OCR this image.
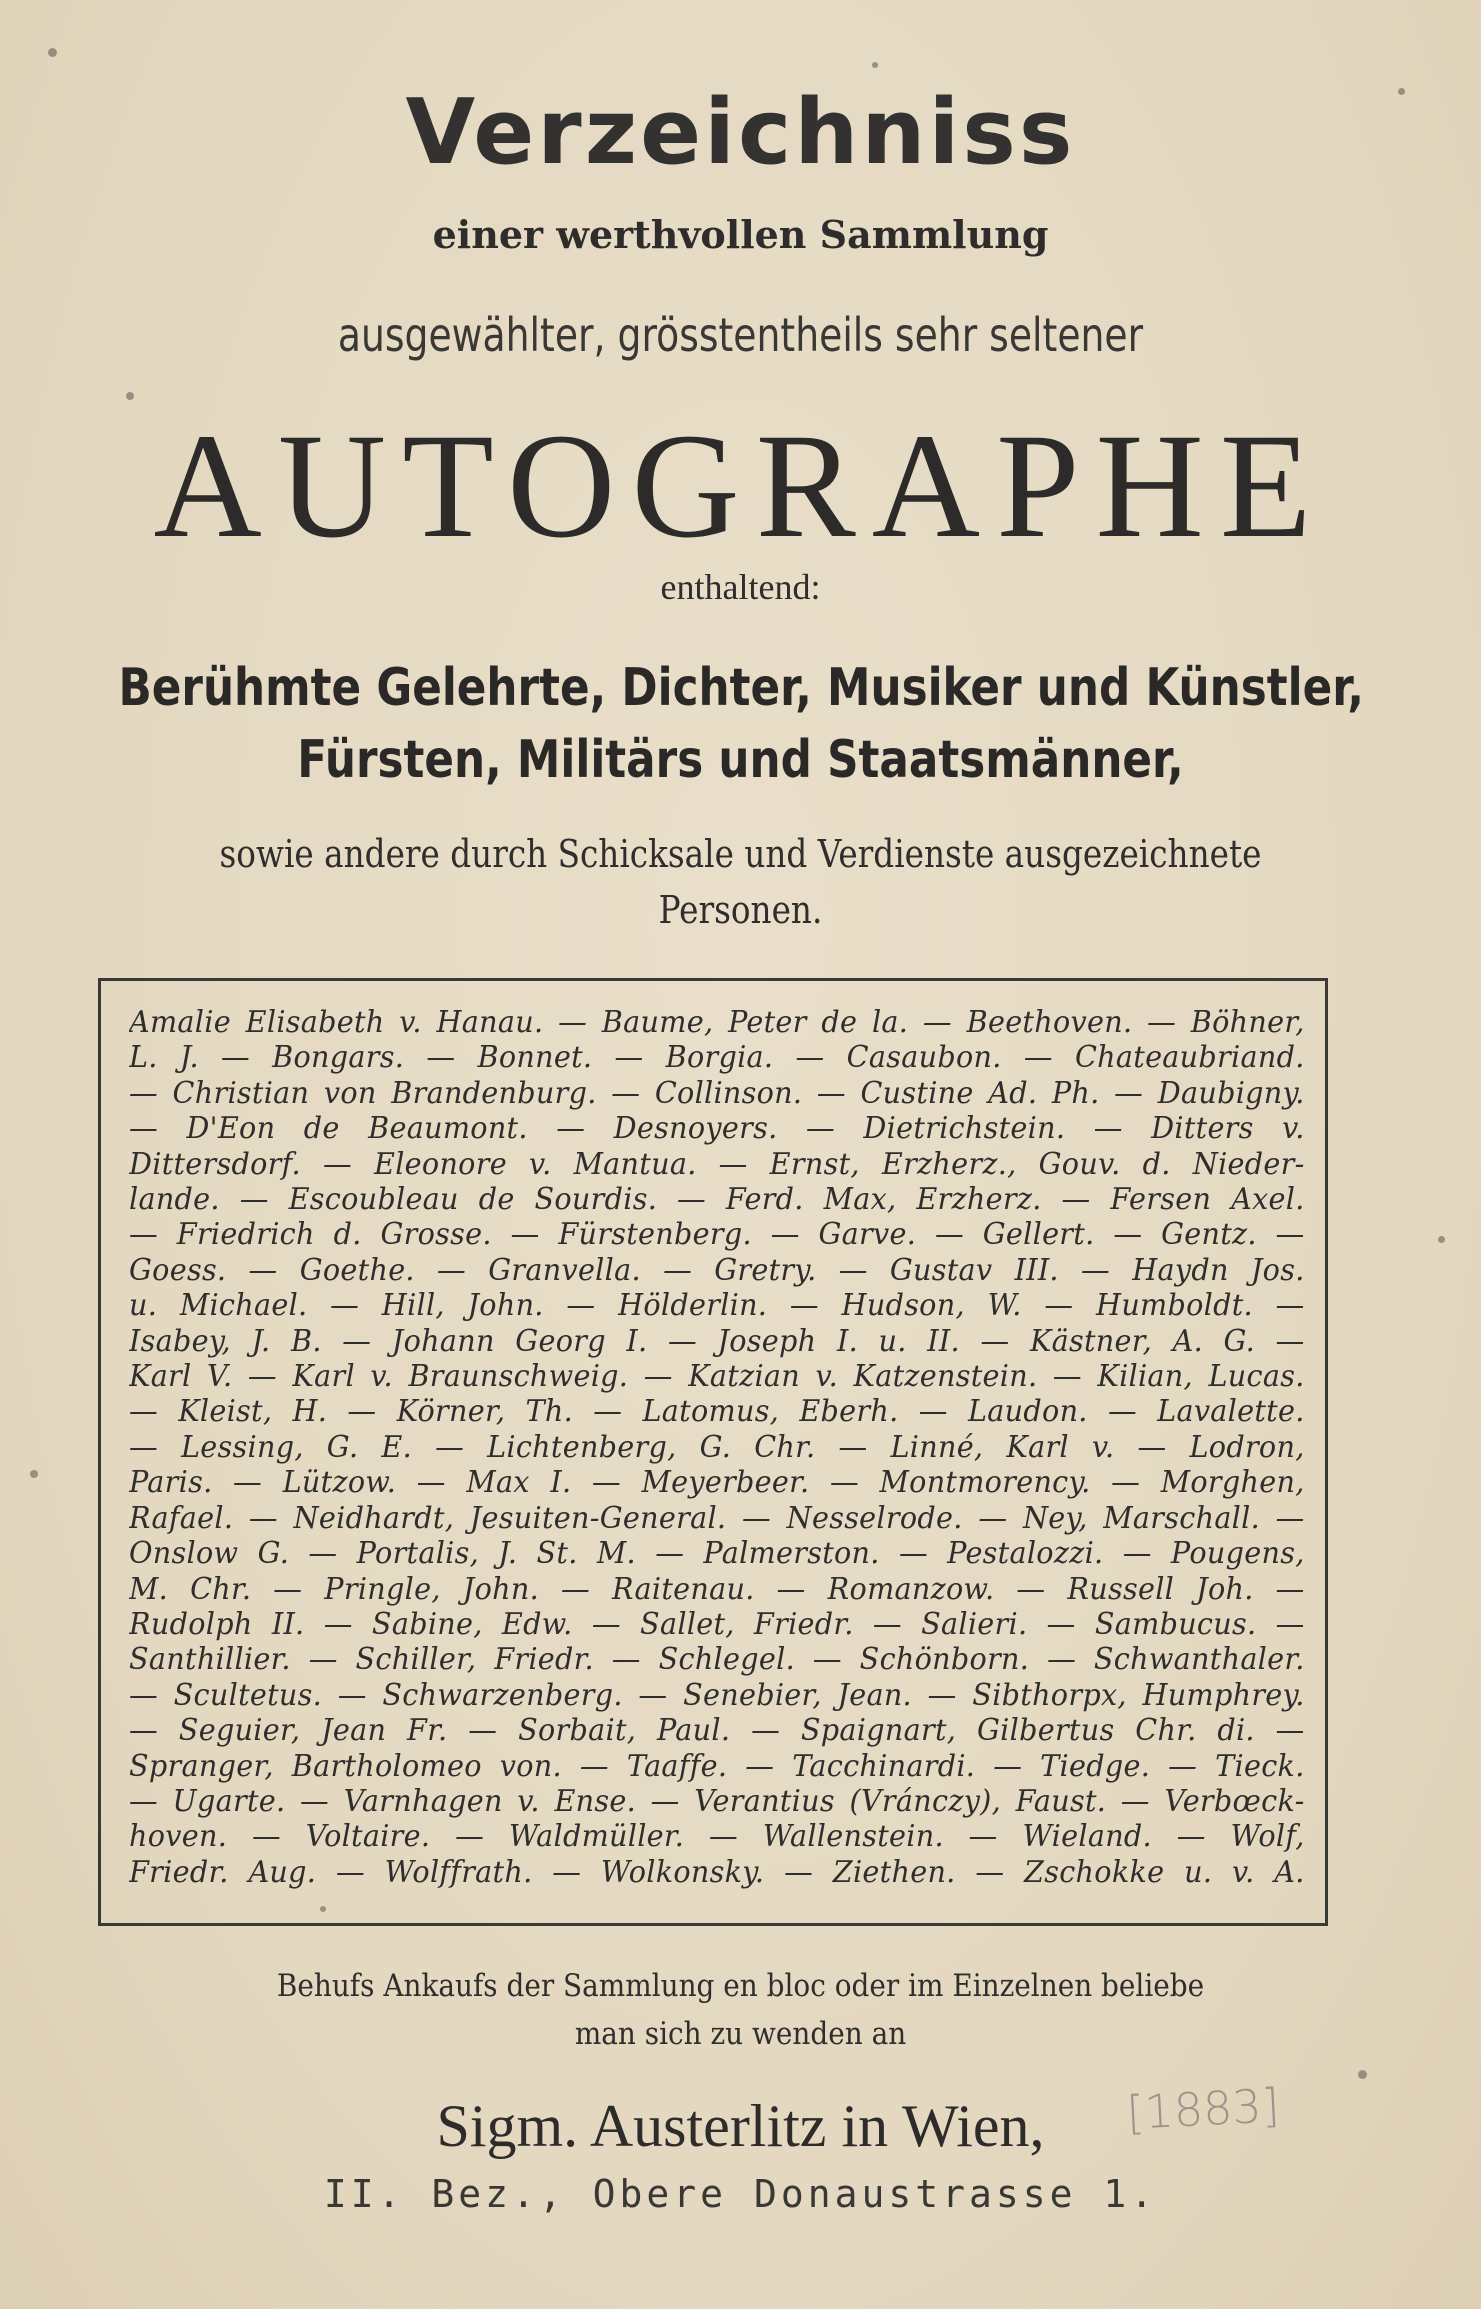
Verzeichniss
einer werthvollen Sammlung
ausgewählter, grösstentheils sehr seltener
AUTOGRAPHE
enthaltend:
Berühmte Gelehrte, Dichter, Musiker und Künstler,
Fürsten, Militärs und Staatsmänner,
sowie andere durch Schicksale und Verdienste ausgezeichnete
Personen.
Amalie Elisabeth v. Hanau. — Baume, Peter de la. — Beethoven. — Böhner,
L. J. — Bongars. — Bonnet. — Borgia. — Casaubon. — Chateaubriand.
— Christian von Brandenburg. — Collinson. — Custine Ad. Ph. — Daubigny.
— D'Eon de Beaumont. — Desnoyers. — Dietrichstein. — Ditters v.
Dittersdorf. — Eleonore v. Mantua. — Ernst, Erzherz., Gouv. d. Nieder-
lande. — Escoubleau de Sourdis. — Ferd. Max, Erzherz. — Fersen Axel.
— Friedrich d. Grosse. — Fürstenberg. — Garve. — Gellert. — Gentz. —
Goess. — Goethe. — Granvella. — Gretry. — Gustav III. — Haydn Jos.
u. Michael. — Hill, John. — Hölderlin. — Hudson, W. — Humboldt. —
Isabey, J. B. — Johann Georg I. — Joseph I. u. II. — Kästner, A. G. —
Karl V. — Karl v. Braunschweig. — Katzian v. Katzenstein. — Kilian, Lucas.
— Kleist, H. — Körner, Th. — Latomus, Eberh. — Laudon. — Lavalette.
— Lessing, G. E. — Lichtenberg, G. Chr. — Linné, Karl v. — Lodron,
Paris. — Lützow. — Max I. — Meyerbeer. — Montmorency. — Morghen,
Rafael. — Neidhardt, Jesuiten-General. — Nesselrode. — Ney, Marschall. —
Onslow G. — Portalis, J. St. M. — Palmerston. — Pestalozzi. — Pougens,
M. Chr. — Pringle, John. — Raitenau. — Romanzow. — Russell Joh. —
Rudolph II. — Sabine, Edw. — Sallet, Friedr. — Salieri. — Sambucus. —
Santhillier. — Schiller, Friedr. — Schlegel. — Schönborn. — Schwanthaler.
— Scultetus. — Schwarzenberg. — Senebier, Jean. — Sibthorpx, Humphrey.
— Seguier, Jean Fr. — Sorbait, Paul. — Spaignart, Gilbertus Chr. di. —
Spranger, Bartholomeo von. — Taaffe. — Tacchinardi. — Tiedge. — Tieck.
— Ugarte. — Varnhagen v. Ense. — Verantius (Vránczy), Faust. — Verbœck-
hoven. — Voltaire. — Waldmüller. — Wallenstein. — Wieland. — Wolf,
Friedr. Aug. — Wolffrath. — Wolkonsky. — Ziethen. — Zschokke u. v. A.
Behufs Ankaufs der Sammlung en bloc oder im Einzelnen beliebe
man sich zu wenden an
Sigm. Austerlitz in Wien,
II. Bez., Obere Donaustrasse 1.
[1883]
